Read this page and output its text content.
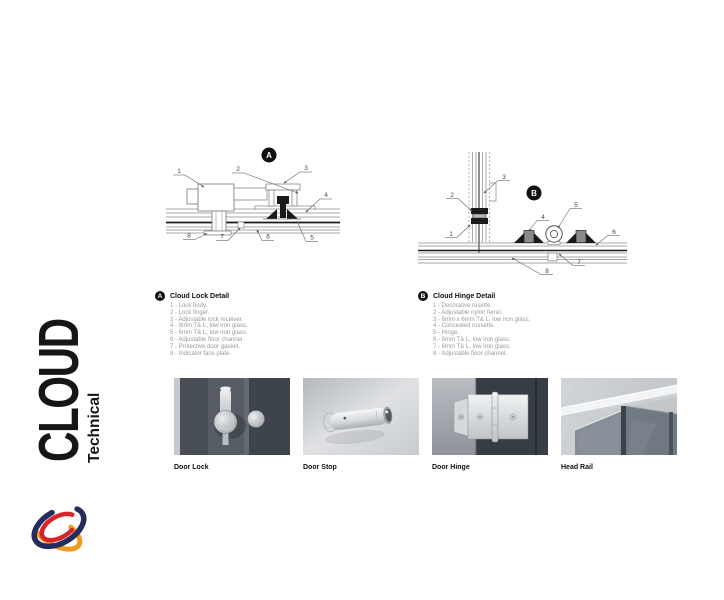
CLOUD
Technical
A
1	2	3
4
5
6
7
8
B
3
2
1
4
5
6
7
8
A	Cloud Lock Detail
1 - Lock body.
2 - Lock finger.
3 - Adjustable lock receiver.
4 - 8mm T& L, low iron glass.
5 - 6mm T& L, low iron glass.
6 - Adjustable floor channel.
7 - Protective door gasket.
8 - Indicator face plate.
B	Cloud Hinge Detail
1 - Decorative rosette.
2 - Adjustable nylon ferrel.
3 - 6mm x 6mm T& L, low iron glass.
4 - Concealed rossette.
5 - Hinge.
6 - 8mm T& L, low iron glass.
7 - 6mm T& L, low iron glass.
8 - Adjustable floor channel.
Door Lock	Door Stop	Door Hinge	Head Rail
